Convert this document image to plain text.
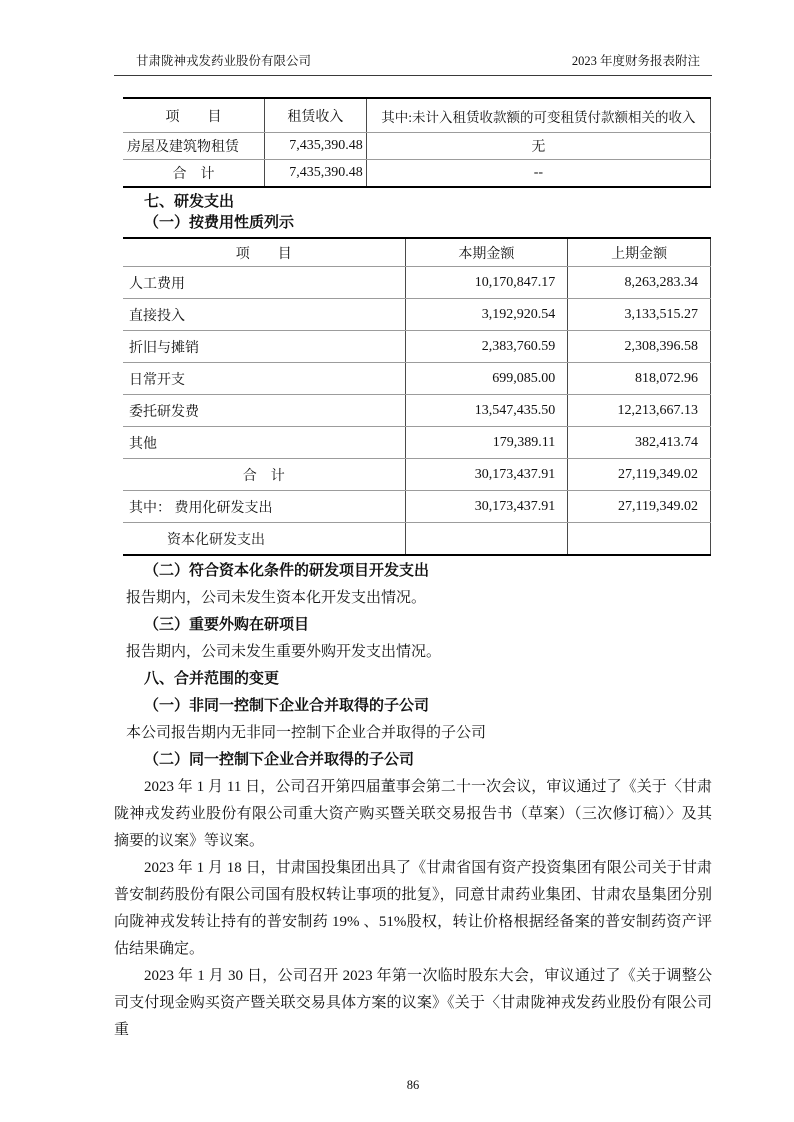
甘肃陇神戎发药业股份有限公司	2023 年度财务报表附注
项　　目	租赁收入	其中:未计入租赁收款额的可变租赁付款额相关的收入
房屋及建筑物租赁	7,435,390.48	无
合　计	7,435,390.48	--
七、研发支出
（一）按费用性质列示
项　　目	本期金额	上期金额
人工费用	10,170,847.17	8,263,283.34
直接投入	3,192,920.54	3,133,515.27
折旧与摊销	2,383,760.59	2,308,396.58
日常开支	699,085.00	818,072.96
委托研发费	13,547,435.50	12,213,667.13
其他	179,389.11	382,413.74
合　计	30,173,437.91	27,119,349.02
其中： 费用化研发支出	30,173,437.91	27,119,349.02
资本化研发支出		
（二）符合资本化条件的研发项目开发支出
报告期内，公司未发生资本化开发支出情况。
（三）重要外购在研项目
报告期内，公司未发生重要外购开发支出情况。
八、合并范围的变更
（一）非同一控制下企业合并取得的子公司
本公司报告期内无非同一控制下企业合并取得的子公司
（二）同一控制下企业合并取得的子公司

2023 年 1 月 11 日，公司召开第四届董事会第二十一次会议，审议通过了《关于〈甘肃陇神戎发药业股份有限公司重大资产购买暨关联交易报告书（草案）（三次修订稿）〉及其摘要的议案》等议案。

2023 年 1 月 18 日，甘肃国投集团出具了《甘肃省国有资产投资集团有限公司关于甘肃普安制药股份有限公司国有股权转让事项的批复》，同意甘肃药业集团、甘肃农垦集团分别向陇神戎发转让持有的普安制药 19% 、51%股权，转让价格根据经备案的普安制药资产评估结果确定。

2023 年 1 月 30 日，公司召开 2023 年第一次临时股东大会，审议通过了《关于调整公司支付现金购买资产暨关联交易具体方案的议案》《关于〈甘肃陇神戎发药业股份有限公司重

86
